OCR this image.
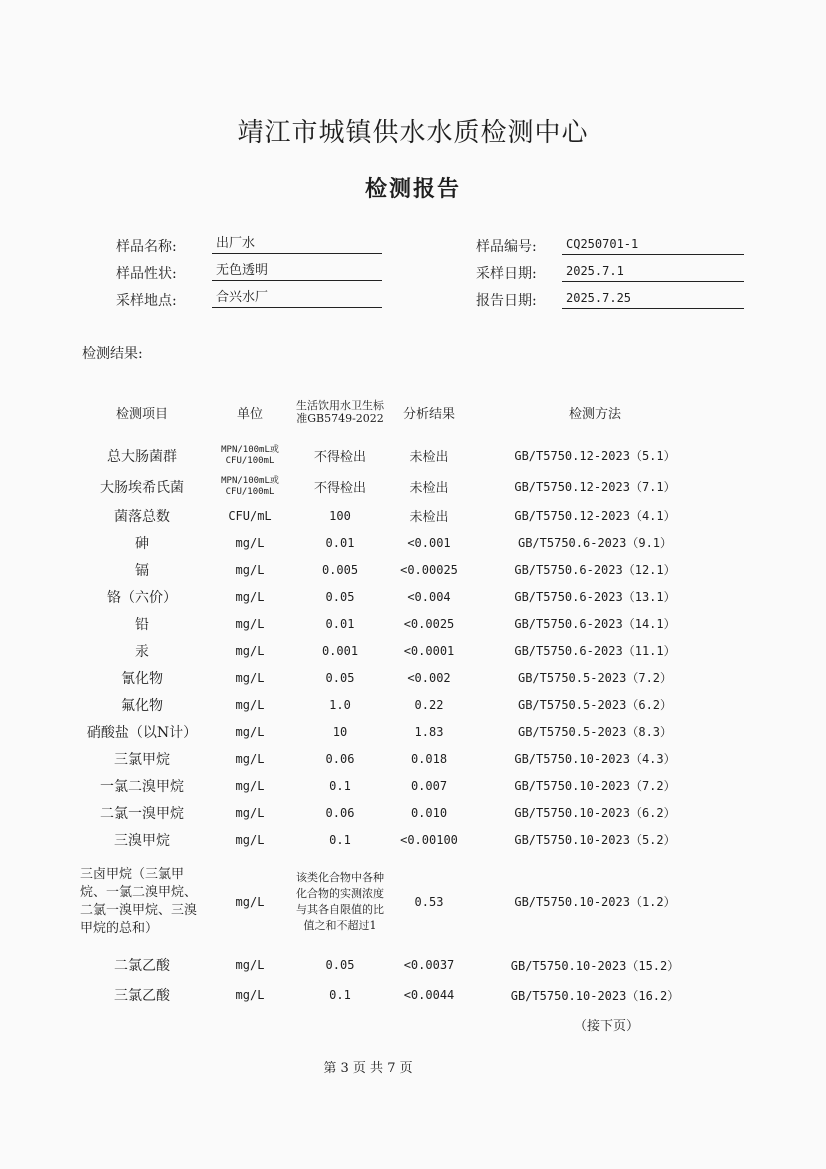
靖江市城镇供水水质检测中心
检测报告
样品名称:	出厂水
样品性状:	无色透明
采样地点:	合兴水厂
样品编号:	CQ250701-1
采样日期:	2025.7.1
报告日期:	2025.7.25
检测结果:
检测项目	单位	生活饮用水卫生标准GB5749-2022	分析结果	检测方法
总大肠菌群	MPN/100mL或CFU/100mL	不得检出	未检出	GB/T5750.12-2023（5.1）
大肠埃希氏菌	MPN/100mL或CFU/100mL	不得检出	未检出	GB/T5750.12-2023（7.1）
菌落总数	CFU/mL	100	未检出	GB/T5750.12-2023（4.1）
砷	mg/L	0.01	<0.001	GB/T5750.6-2023（9.1）
镉	mg/L	0.005	<0.00025	GB/T5750.6-2023（12.1）
铬（六价）	mg/L	0.05	<0.004	GB/T5750.6-2023（13.1）
铅	mg/L	0.01	<0.0025	GB/T5750.6-2023（14.1）
汞	mg/L	0.001	<0.0001	GB/T5750.6-2023（11.1）
氰化物	mg/L	0.05	<0.002	GB/T5750.5-2023（7.2）
氟化物	mg/L	1.0	0.22	GB/T5750.5-2023（6.2）
硝酸盐（以N计）	mg/L	10	1.83	GB/T5750.5-2023（8.3）
三氯甲烷	mg/L	0.06	0.018	GB/T5750.10-2023（4.3）
一氯二溴甲烷	mg/L	0.1	0.007	GB/T5750.10-2023（7.2）
二氯一溴甲烷	mg/L	0.06	0.010	GB/T5750.10-2023（6.2）
三溴甲烷	mg/L	0.1	<0.00100	GB/T5750.10-2023（5.2）
三卤甲烷（三氯甲烷、一氯二溴甲烷、二氯一溴甲烷、三溴甲烷的总和）	mg/L	该类化合物中各种化合物的实测浓度与其各自限值的比值之和不超过1	0.53	GB/T5750.10-2023（1.2）
二氯乙酸	mg/L	0.05	<0.0037	GB/T5750.10-2023（15.2）
三氯乙酸	mg/L	0.1	<0.0044	GB/T5750.10-2023（16.2）
（接下页）
第 3 页 共 7 页
